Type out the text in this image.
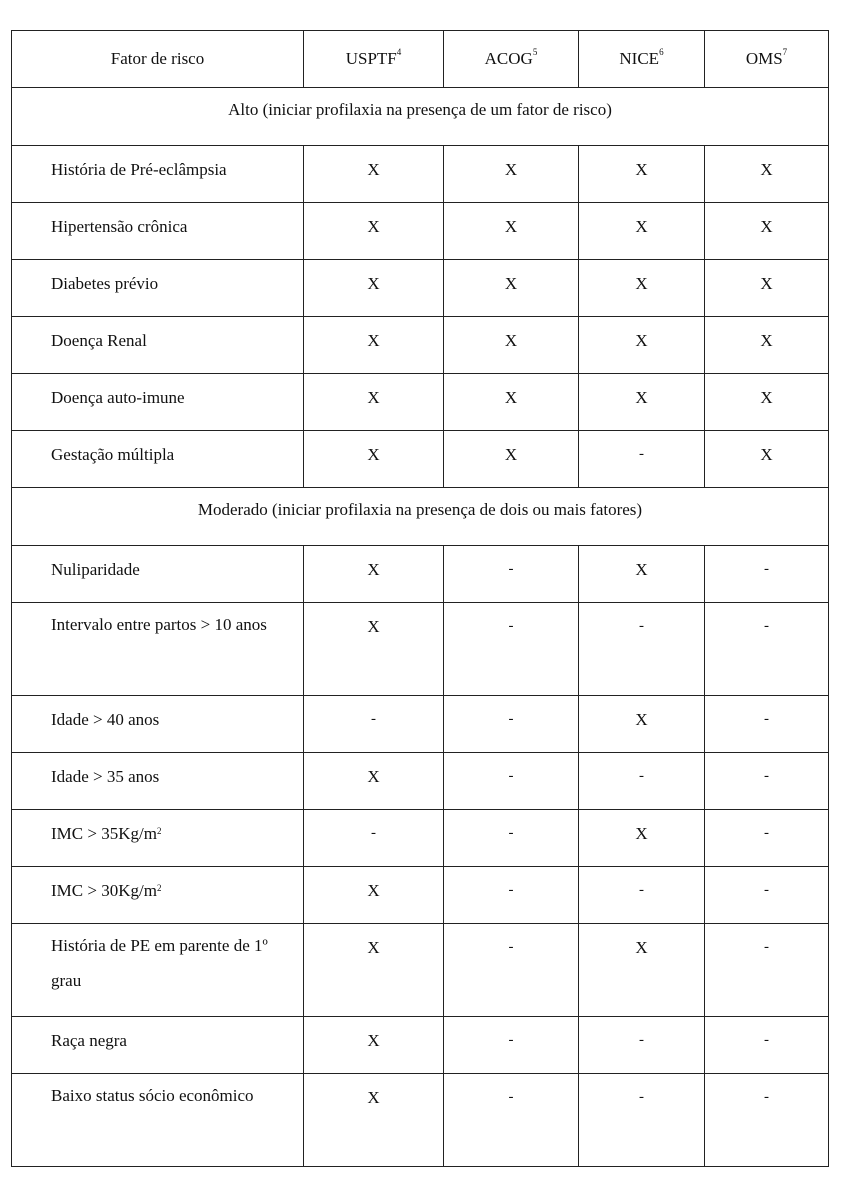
Fator de risco	USPTF$^4$	ACOG$^5$	NICE$^6$	OMS$^7$
Alto (iniciar profilaxia na presença de um fator de risco)				
História de Pré-eclâmpsia	X	X	X	X
Hipertensão crônica	X	X	X	X
Diabetes prévio	X	X	X	X
Doença Renal	X	X	X	X
Doença auto-imune	X	X	X	X
Gestação múltipla	X	X	-	X
Moderado (iniciar profilaxia na presença de dois ou mais fatores)				
Nuliparidade	X	-	X	-
Intervalo entre partos > 10 anos	X	-	-	-
Idade > 40 anos	-	-	X	-
Idade > 35 anos	X	-	-	-
IMC > $35Kg/m^2$	-	-	X	-
IMC > $30Kg/m^2$	X	-	-	-
História de PE em parente de 1º grau	X	-	X	-
Raça negra	X	-	-	-
Baixo status sócio econômico	X	-	-	-
